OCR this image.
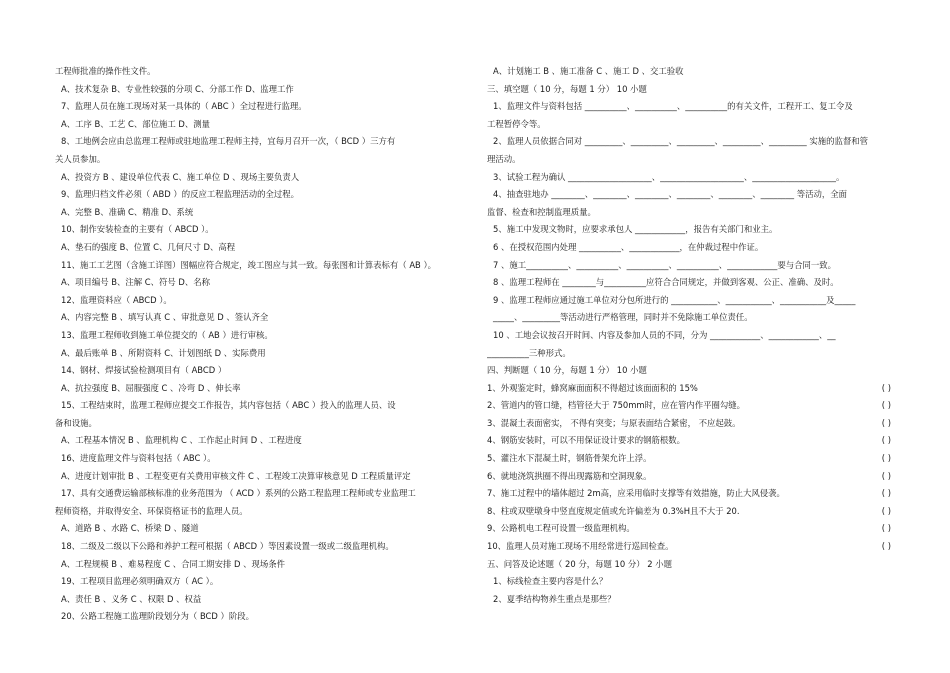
工程师批准的操作性文件。
A、技术复杂 B、专业性较强的分项 C、分部工作 D、监理工作
7、监理人员在施工现场对某一具体的（ ABC ）全过程进行监理。
A、工序 B、工艺 C、部位施工 D、测量
8、工地例会应由总监理工程师或驻地监理工程师主持，宜每月召开一次，（ BCD ）三方有
关人员参加。
A、投资方 B 、建设单位代表 C、施工单位 D 、现场主要负责人
9、监理归档文件必须（ ABD ）的反应工程监理活动的全过程。
A、完整 B、准确 C、精准 D、系统
10、制作安装检查的主要有（ ABCD ）。
A、垫石的强度 B、位置 C、几何尺寸 D、高程
11、施工工艺图（含施工详图）图幅应符合规定，竣工图应与其一致。每张图和计算表标有（ AB ）。
A、项目编号 B、注解 C、符号 D、名称
12、监理资料应（ ABCD ）。
A、内容完整 B 、填写认真 C 、审批意见 D 、签认齐全
13、监理工程师收到施工单位提交的（ AB ）进行审核。
A、最后账单 B 、所附资料 C、计划图纸 D 、实际费用
14、钢材、焊接试验检测项目有（ ABCD ）
A、抗拉强度 B、屈服强度 C 、冷弯 D 、伸长率
15、工程结束时，监理工程师应提交工作报告，其内容包括（ ABC ）投入的监理人员、设
备和设施。
A、工程基本情况 B 、监理机构 C 、工作起止时间 D 、工程进度
16、进度监理文件与资料包括（ ABC ）。
A、进度计划审批 B 、工程变更有关费用审核文件 C 、工程竣工决算审核意见 D 工程质量评定
17、具有交通费运输部核标准的业务范围为 （ ACD ）系列的公路工程监理工程师或专业监理工
程师资格，并取得安全、环保资格证书的监理人员。
A、道路 B 、水路 C、桥梁 D 、隧道
18、二级及二级以下公路和养护工程可根据（ ABCD ）等因素设置一级或二级监理机构。
A、工程规模 B 、难易程度 C 、合同工期安排 D 、现场条件
19、工程项目监理必须明确双方（ AC ）。
A、责任 B 、义务 C 、权限 D 、权益
20、公路工程施工监理阶段划分为（ BCD ）阶段。
A、计划施工 B 、施工准备 C 、施工 D 、交工验收
三、填空题（ 10 分，每题 1 分） 10 小题
1、监理文件与资料包括 __________、__________、__________的有关文件，工程开工、复工令及
工程暂停令等。
2、监理人员依据合同对 _________、_________、_________、_________、_________ 实施的监督和管
理活动。
3、试验工程为确认 ____________________、____________________、____________________。
4、抽查驻地办 ________、________、________、________、________、________ 等活动，全面
监督、检查和控制监理质量。
5、施工中发现文物时，应要求承包人 ____________，报告有关部门和业主。
6 、在授权范围内处理 __________、____________，在仲裁过程中作证。
7 、施工__________、__________、__________、__________、____________要与合同一致。
8 、监理工程师在 ________与__________应符合合同规定，并做到客观、公正、准确、及时。
9 、监理工程师应通过施工单位对分包所进行的 ___________、___________、___________及_____
_____、_________等活动进行严格管理，同时并不免除施工单位责任。
10 、工地会议按召开时间、内容及参加人员的不同，分为 ____________、____________、__
__________三种形式。
四、判断题（ 10 分，每题 1 分） 10 小题
1、外观鉴定时，蜂窝麻面面积不得超过该面面积的 15%	( )
2、管道内的管口缝，档管径大于 750mm时，应在管内作平圈勾缝。	( )
3、混凝土表面密实， 不得有突变；与原表面结合紧密， 不应起鼓。	( )
4、钢筋安装时，可以不用保证设计要求的钢筋根数。	( )
5、灌注水下混凝土时，钢筋骨架允许上浮。	( )
6、就地浇筑拱圈不得出现露筋和空洞现象。	( )
7、施工过程中的墙体超过 2m高，应采用临时支撑等有效措施，防止大风侵袭。	( )
8、柱或双壁墩身中竖直度规定值或允许偏差为 0.3%H且不大于 20.	( )
9、公路机电工程可设置一级监理机构。	( )
10、监理人员对施工现场不用经常进行巡回检查。	( )
五、问答及论述题（ 20 分，每题 10 分） 2 小题
1、标线检查主要内容是什么？
2、夏季结构物养生重点是那些？
